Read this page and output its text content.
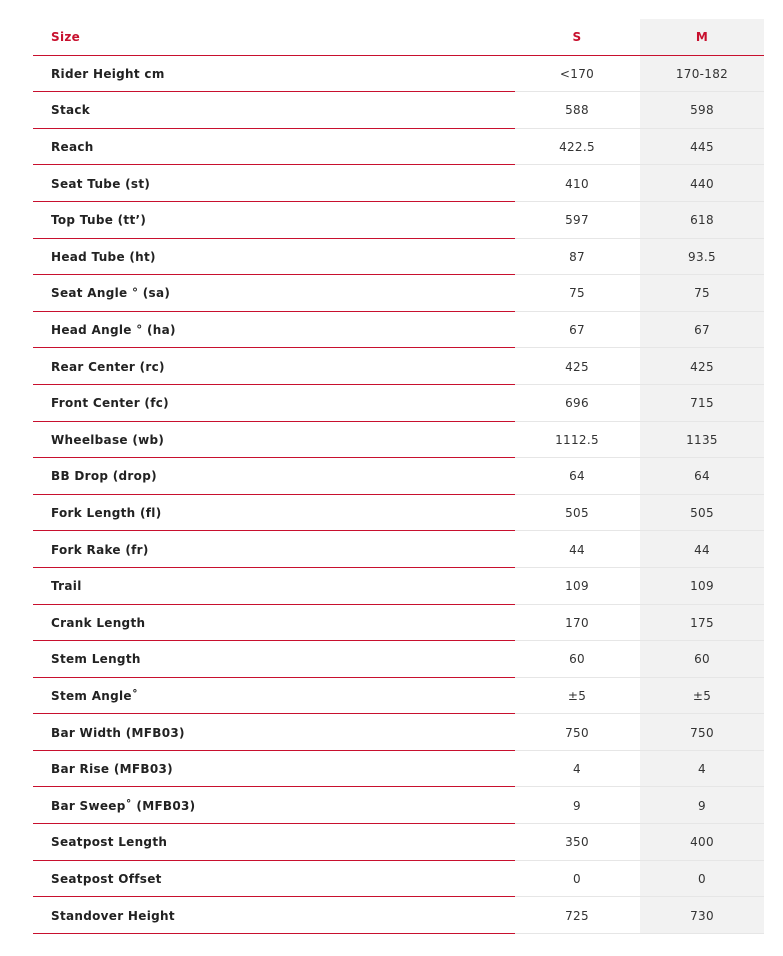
Size	S	M
Rider Height cm	<170	170-182
Stack	588	598
Reach	422.5	445
Seat Tube (st)	410	440
Top Tube (tt’)	597	618
Head Tube (ht)	87	93.5
Seat Angle ° (sa)	75	75
Head Angle ° (ha)	67	67
Rear Center (rc)	425	425
Front Center (fc)	696	715
Wheelbase (wb)	1112.5	1135
BB Drop (drop)	64	64
Fork Length (fl)	505	505
Fork Rake (fr)	44	44
Trail	109	109
Crank Length	170	175
Stem Length	60	60
Stem Angle˚	±5	±5
Bar Width (MFB03)	750	750
Bar Rise (MFB03)	4	4
Bar Sweep˚ (MFB03)	9	9
Seatpost Length	350	400
Seatpost Offset	0	0
Standover Height	725	730
